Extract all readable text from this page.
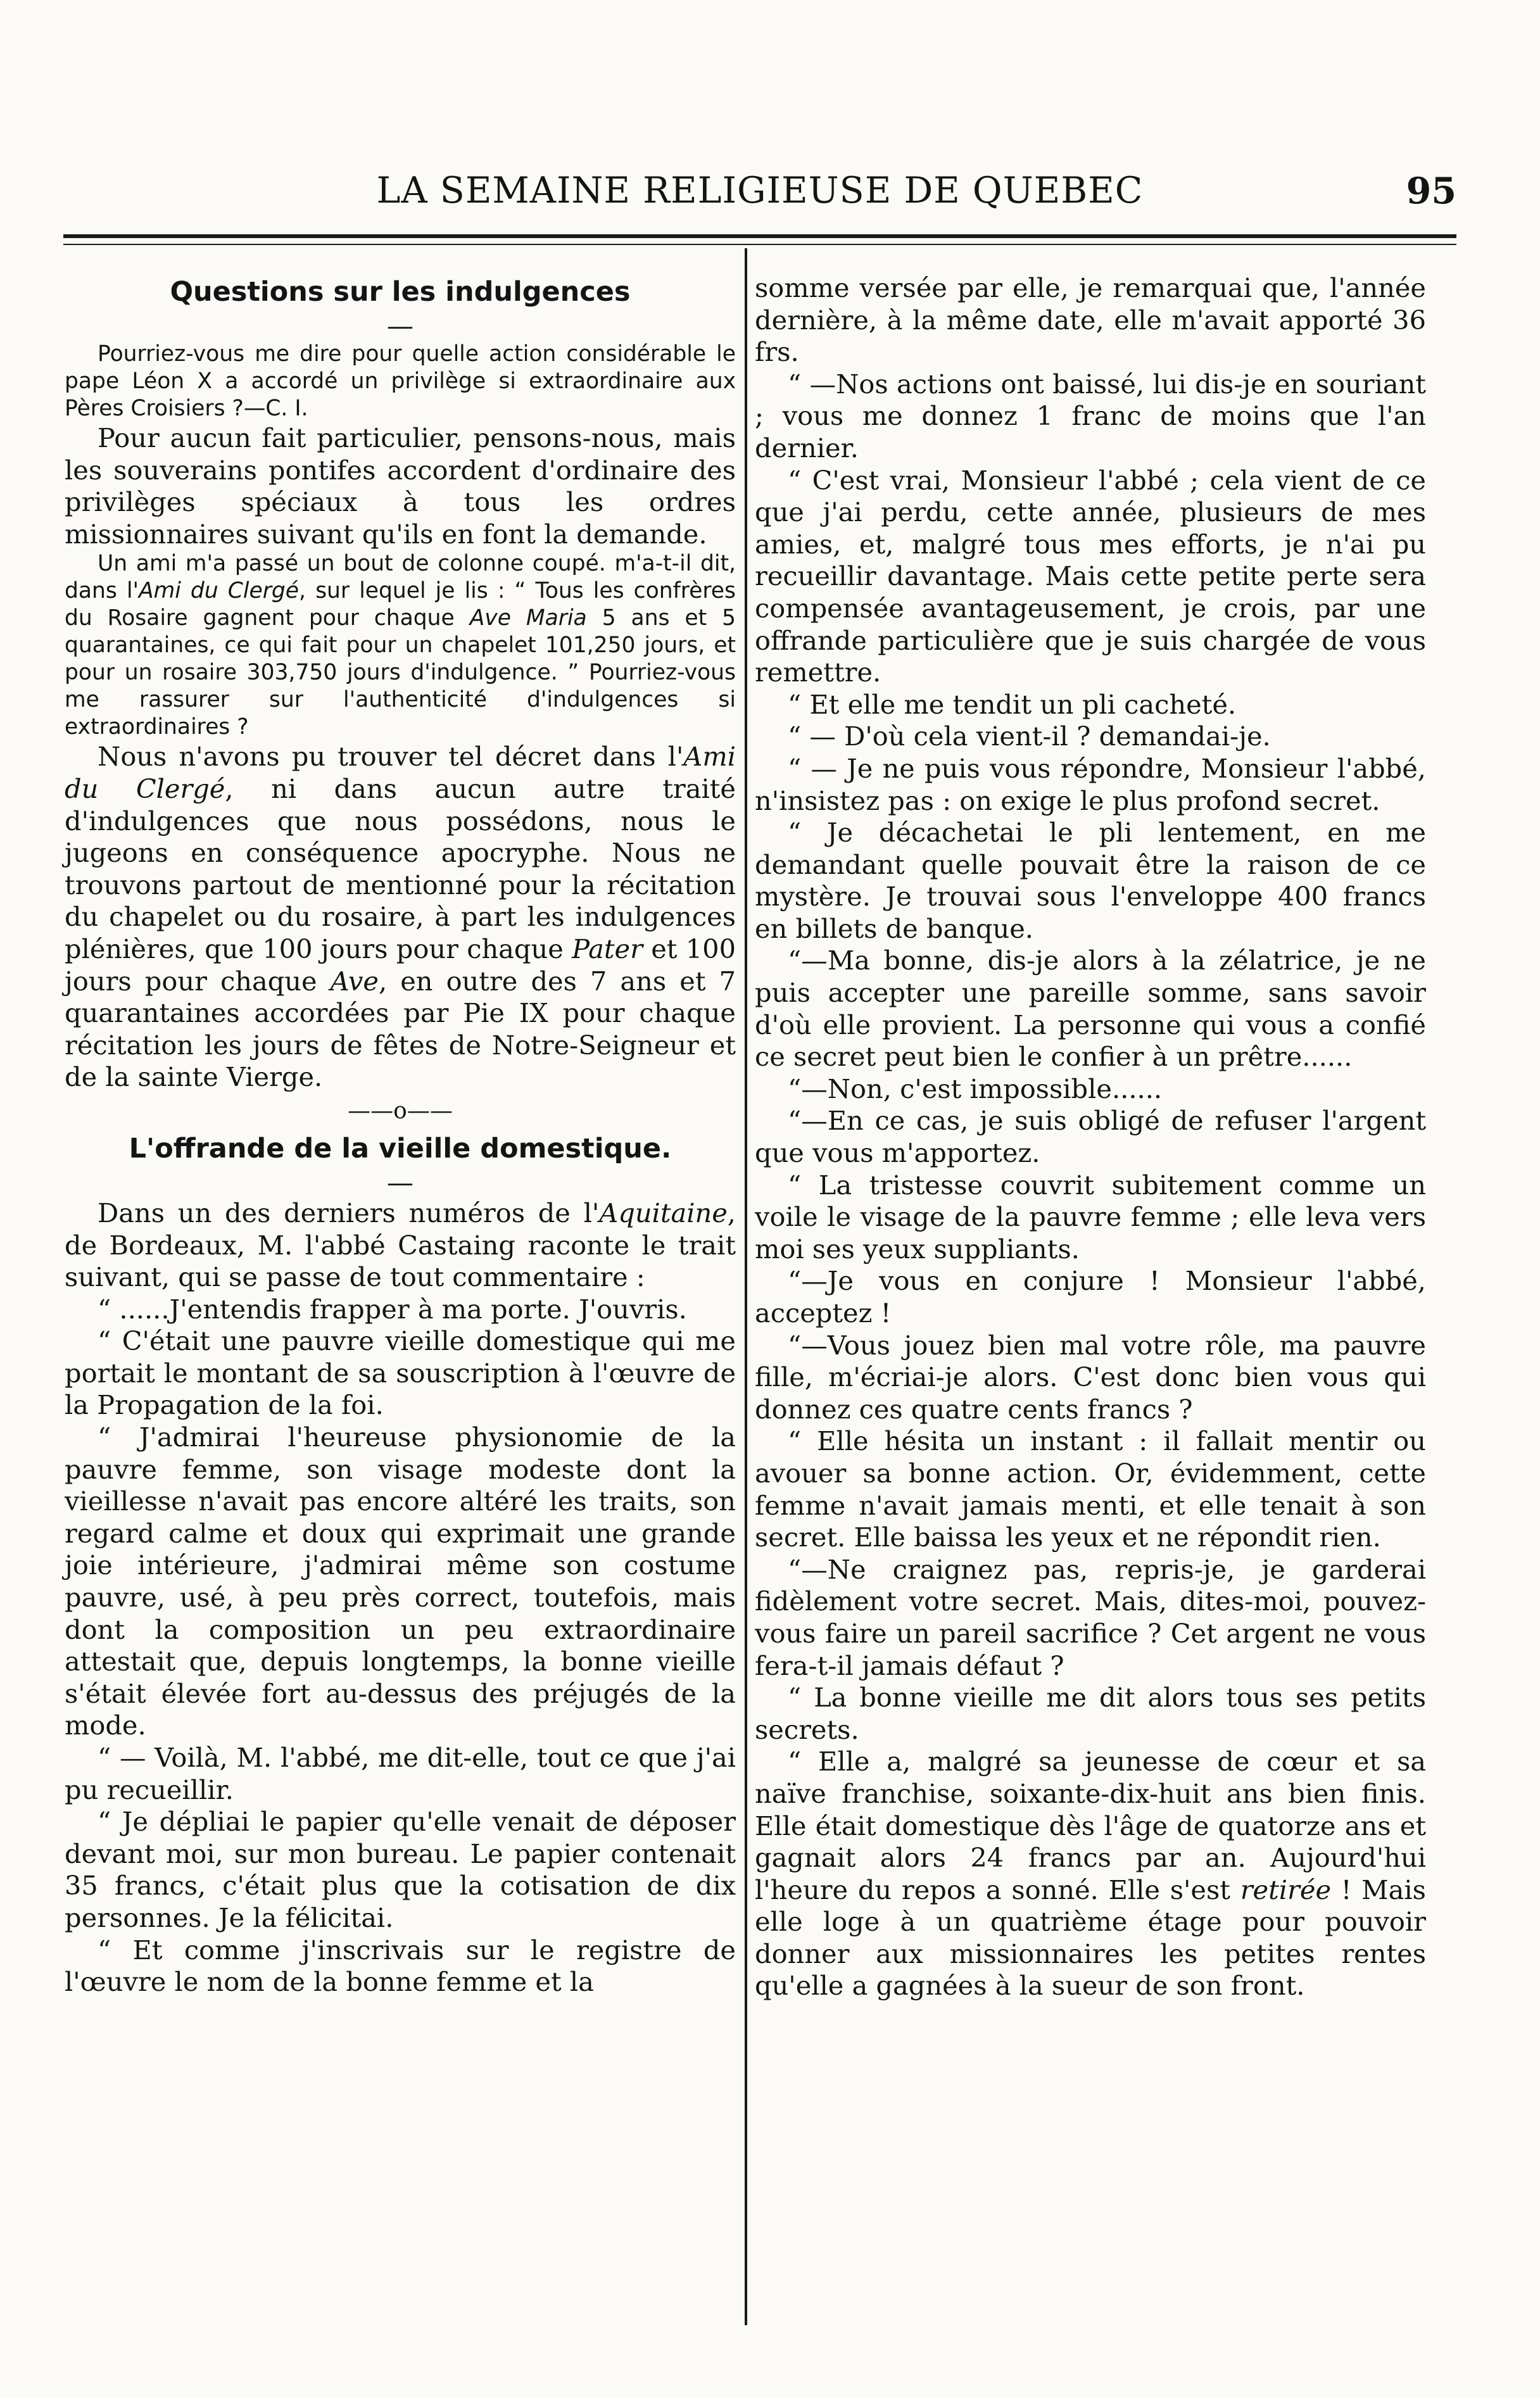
LA SEMAINE RELIGIEUSE DE QUEBEC	95

Questions sur les indulgences

—

Pourriez-vous me dire pour quelle action considérable le pape Léon X a accordé un privilège si extraordinaire aux Pères Croisiers ?—C. I.

Pour aucun fait particulier, pensons-nous, mais les souverains pontifes accordent d'ordinaire des privilèges spéciaux à tous les ordres missionnaires suivant qu'ils en font la demande.

Un ami m'a passé un bout de colonne coupé. m'a-t-il dit, dans l'Ami du Clergé, sur lequel je lis : “ Tous les confrères du Rosaire gagnent pour chaque Ave Maria 5 ans et 5 quarantaines, ce qui fait pour un chapelet 101,250 jours, et pour un rosaire 303,750 jours d'indulgence. ” Pourriez-vous me rassurer sur l'authenticité d'indulgences si extraordinaires ?

Nous n'avons pu trouver tel décret dans l'Ami du Clergé, ni dans aucun autre traité d'indulgences que nous possédons, nous le jugeons en conséquence apocryphe. Nous ne trouvons partout de mentionné pour la récitation du chapelet ou du rosaire, à part les indulgences plénières, que 100 jours pour chaque Pater et 100 jours pour chaque Ave, en outre des 7 ans et 7 quarantaines accordées par Pie IX pour chaque récitation les jours de fêtes de Notre-Seigneur et de la sainte Vierge.

——o——

L'offrande de la vieille domestique.

—

Dans un des derniers numéros de l'Aquitaine, de Bordeaux, M. l'abbé Castaing raconte le trait suivant, qui se passe de tout commentaire :

“ ......J'entendis frapper à ma porte. J'ouvris.

“ C'était une pauvre vieille domestique qui me portait le montant de sa souscription à l'œuvre de la Propagation de la foi.

“ J'admirai l'heureuse physionomie de la pauvre femme, son visage modeste dont la vieillesse n'avait pas encore altéré les traits, son regard calme et doux qui exprimait une grande joie intérieure, j'admirai même son costume pauvre, usé, à peu près correct, toutefois, mais dont la composition un peu extraordinaire attestait que, depuis longtemps, la bonne vieille s'était élevée fort au-dessus des préjugés de la mode.

“ — Voilà, M. l'abbé, me dit-elle, tout ce que j'ai pu recueillir.

“ Je dépliai le papier qu'elle venait de déposer devant moi, sur mon bureau. Le papier contenait 35 francs, c'était plus que la cotisation de dix personnes. Je la félicitai.

“ Et comme j'inscrivais sur le registre de l'œuvre le nom de la bonne femme et la

somme versée par elle, je remarquai que, l'année dernière, à la même date, elle m'avait apporté 36 frs.

“ —Nos actions ont baissé, lui dis-je en souriant ; vous me donnez 1 franc de moins que l'an dernier.

“ C'est vrai, Monsieur l'abbé ; cela vient de ce que j'ai perdu, cette année, plusieurs de mes amies, et, malgré tous mes efforts, je n'ai pu recueillir davantage. Mais cette petite perte sera compensée avantageusement, je crois, par une offrande particulière que je suis chargée de vous remettre.

“ Et elle me tendit un pli cacheté.

“ — D'où cela vient-il ? demandai-je.

“ — Je ne puis vous répondre, Monsieur l'abbé, n'insistez pas : on exige le plus profond secret.

“ Je décachetai le pli lentement, en me demandant quelle pouvait être la raison de ce mystère. Je trouvai sous l'enveloppe 400 francs en billets de banque.

“—Ma bonne, dis-je alors à la zélatrice, je ne puis accepter une pareille somme, sans savoir d'où elle provient. La personne qui vous a confié ce secret peut bien le confier à un prêtre......

“—Non, c'est impossible......

“—En ce cas, je suis obligé de refuser l'argent que vous m'apportez.

“ La tristesse couvrit subitement comme un voile le visage de la pauvre femme ; elle leva vers moi ses yeux suppliants.

“—Je vous en conjure ! Monsieur l'abbé, acceptez !

“—Vous jouez bien mal votre rôle, ma pauvre fille, m'écriai-je alors. C'est donc bien vous qui donnez ces quatre cents francs ?

“ Elle hésita un instant : il fallait mentir ou avouer sa bonne action. Or, évidemment, cette femme n'avait jamais menti, et elle tenait à son secret. Elle baissa les yeux et ne répondit rien.

“—Ne craignez pas, repris-je, je garderai fidèlement votre secret. Mais, dites-moi, pouvez-vous faire un pareil sacrifice ? Cet argent ne vous fera-t-il jamais défaut ?

“ La bonne vieille me dit alors tous ses petits secrets.

“ Elle a, malgré sa jeunesse de cœur et sa naïve franchise, soixante-dix-huit ans bien finis. Elle était domestique dès l'âge de quatorze ans et gagnait alors 24 francs par an. Aujourd'hui l'heure du repos a sonné. Elle s'est retirée ! Mais elle loge à un quatrième étage pour pouvoir donner aux missionnaires les petites rentes qu'elle a gagnées à la sueur de son front.
